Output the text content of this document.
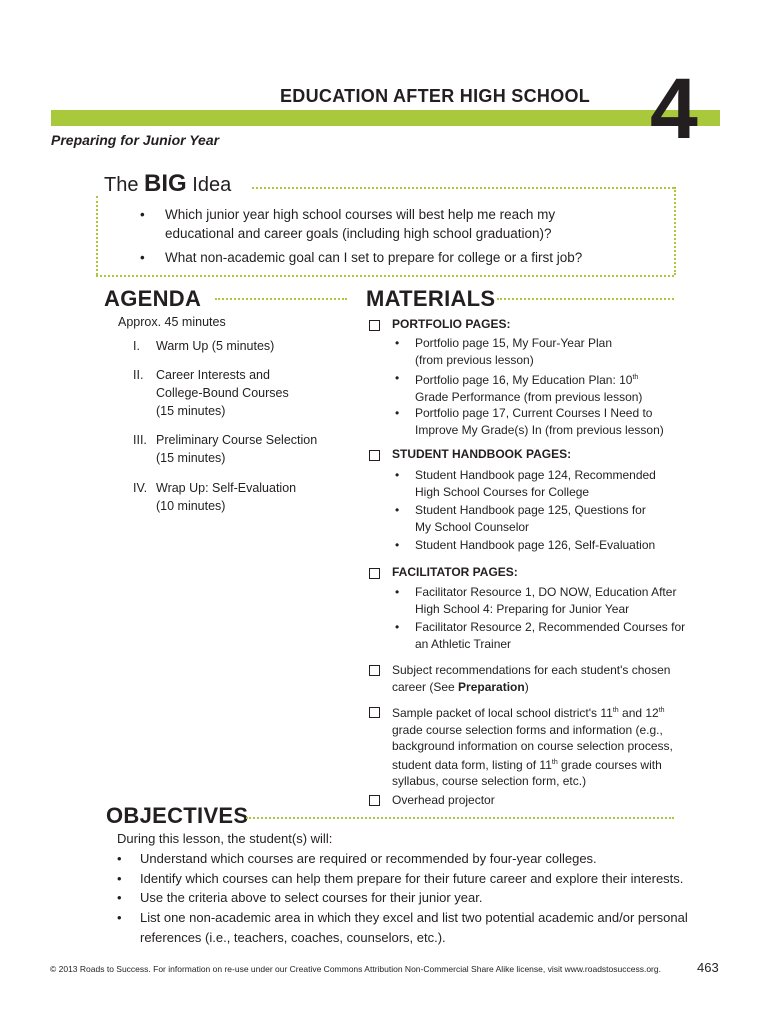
EDUCATION AFTER HIGH SCHOOL 4
Preparing for Junior Year
The BIG Idea
• Which junior year high school courses will best help me reach my
educational and career goals (including high school graduation)?
• What non-academic goal can I set to prepare for college or a first job?
AGENDA
Approx. 45 minutes
I. Warm Up (5 minutes)
II. Career Interests and
College-Bound Courses
(15 minutes)
III. Preliminary Course Selection
(15 minutes)
IV. Wrap Up: Self-Evaluation
(10 minutes)
MATERIALS
PORTFOLIO PAGES:
• Portfolio page 15, My Four-Year Plan
(from previous lesson)
• Portfolio page 16, My Education Plan: 10th
Grade Performance (from previous lesson)
• Portfolio page 17, Current Courses I Need to
Improve My Grade(s) In (from previous lesson)
STUDENT HANDBOOK PAGES:
• Student Handbook page 124, Recommended
High School Courses for College
• Student Handbook page 125, Questions for
My School Counselor
• Student Handbook page 126, Self-Evaluation
FACILITATOR PAGES:
• Facilitator Resource 1, DO NOW, Education After
High School 4: Preparing for Junior Year
• Facilitator Resource 2, Recommended Courses for
an Athletic Trainer
Subject recommendations for each student's chosen
career (See Preparation)
Sample packet of local school district's 11th and 12th
grade course selection forms and information (e.g.,
background information on course selection process,
student data form, listing of 11th grade courses with
syllabus, course selection form, etc.)
Overhead projector
OBJECTIVES
During this lesson, the student(s) will:
• Understand which courses are required or recommended by four-year colleges.
• Identify which courses can help them prepare for their future career and explore their interests.
• Use the criteria above to select courses for their junior year.
• List one non-academic area in which they excel and list two potential academic and/or personal
references (i.e., teachers, coaches, counselors, etc.).
© 2013 Roads to Success. For information on re-use under our Creative Commons Attribution Non-Commercial Share Alike license, visit www.roadstosuccess.org.	463
